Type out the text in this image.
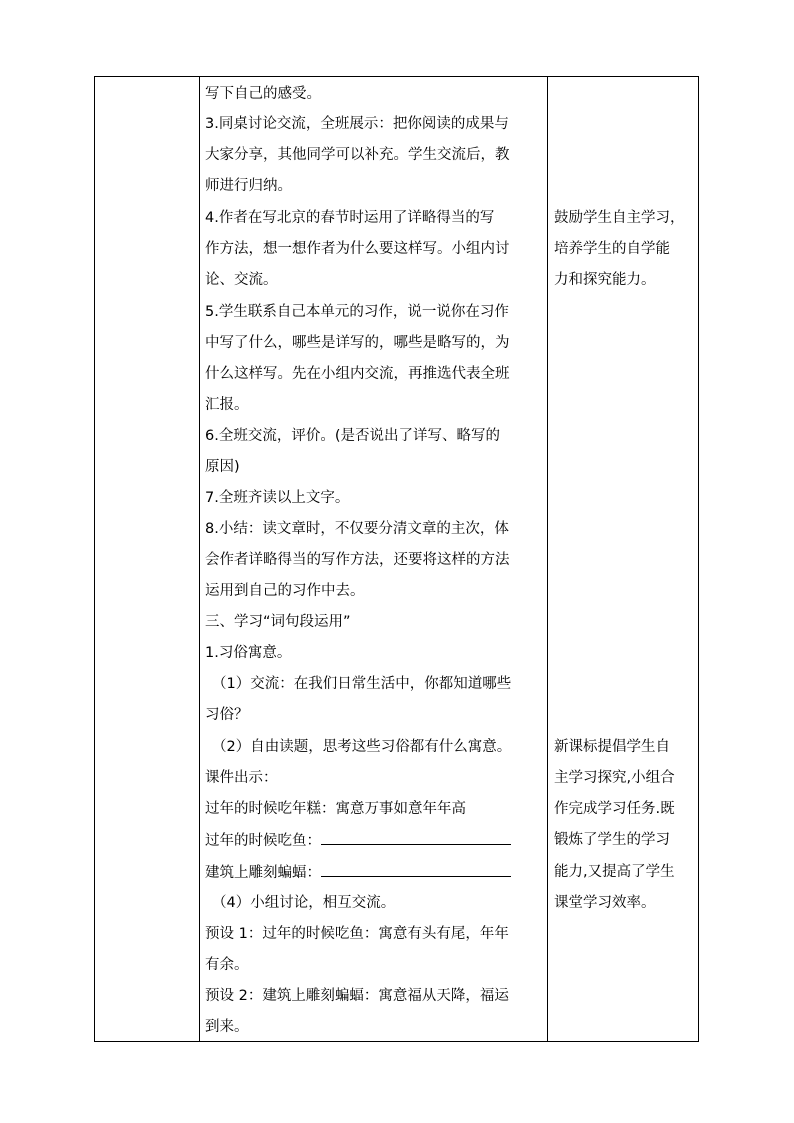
写下自己的感受。
3.同桌讨论交流，全班展示：把你阅读的成果与
大家分享，其他同学可以补充。学生交流后，教
师进行归纳。
4.作者在写北京的春节时运用了详略得当的写
作方法，想一想作者为什么要这样写。小组内讨
论、交流。
5.学生联系自己本单元的习作，说一说你在习作
中写了什么，哪些是详写的，哪些是略写的，为
什么这样写。先在小组内交流，再推选代表全班
汇报。
6.全班交流，评价。(是否说出了详写、略写的
原因)
7.全班齐读以上文字。
8.小结：读文章时，不仅要分清文章的主次，体
会作者详略得当的写作方法，还要将这样的方法
运用到自己的习作中去。
三、学习“词句段运用”
1.习俗寓意。
（1）交流：在我们日常生活中，你都知道哪些
习俗？
（2）自由读题，思考这些习俗都有什么寓意。
课件出示：
过年的时候吃年糕：寓意万事如意年年高
过年的时候吃鱼：
建筑上雕刻蝙蝠：
（4）小组讨论，相互交流。
预设 1：过年的时候吃鱼：寓意有头有尾，年年
有余。
预设 2：建筑上雕刻蝙蝠：寓意福从天降，福运
到来。
鼓励学生自主学习，
培养学生的自学能
力和探究能力。
新课标提倡学生自
主学习探究,小组合
作完成学习任务.既
锻炼了学生的学习
能力,又提高了学生
课堂学习效率。
